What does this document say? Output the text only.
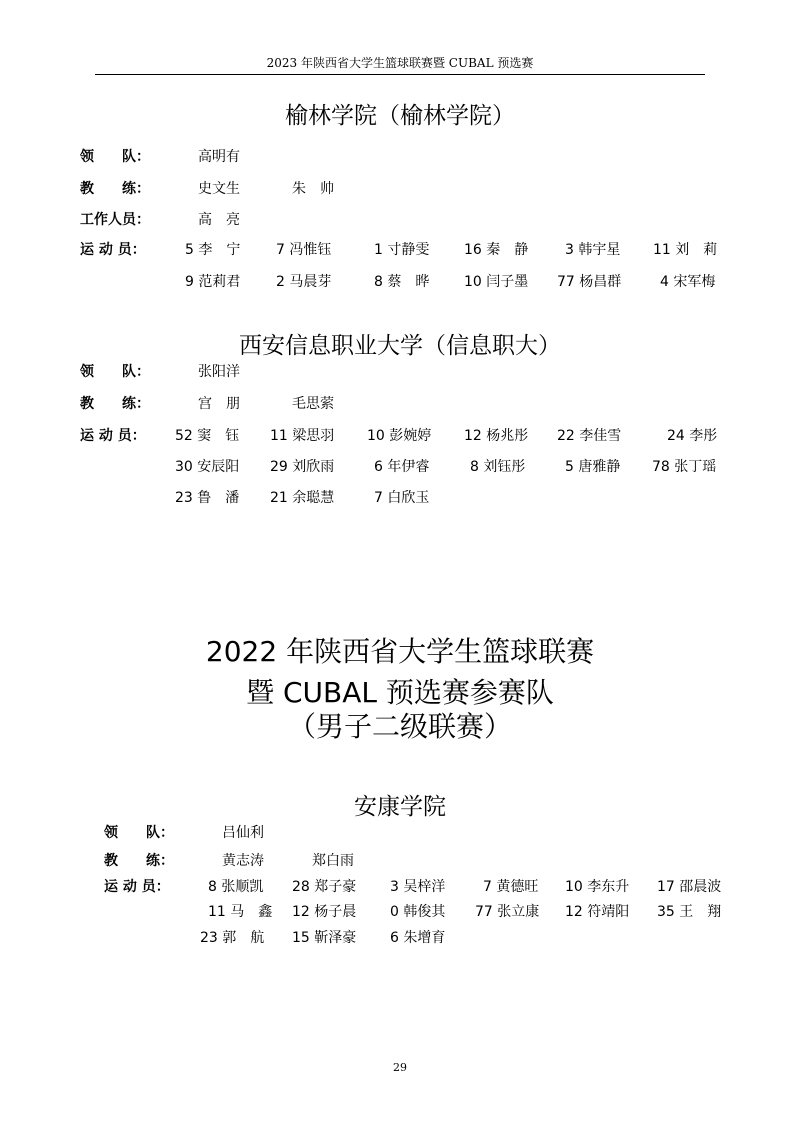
2023 年陕西省大学生篮球联赛暨 CUBAL 预选赛
榆林学院（榆林学院）
领　　队：	高明有
教　　练：	史文生	朱　帅
工作人员：	高　亮
运 动 员：	5 李　宁	7 冯惟钰	1 寸静雯 16 秦　静	3 韩宇星 11 刘　莉
9 范莉君	2 马晨芽	8 蔡　晔 10 闫子墨 77 杨昌群	4 宋军梅
西安信息职业大学（信息职大）
领　　队：	张阳洋
教　　练：	宫　朋	毛思萦
运 动 员： 52 窦　钰 11 梁思羽 10 彭婉婷 12 杨兆彤 22 李佳雪	24 李彤
30 安辰阳 29 刘欣雨	6 年伊睿	8 刘钰彤	5 唐雅静 78 张丁瑶
23 鲁　潘 21 余聪慧	7 白欣玉
2022 年陕西省大学生篮球联赛
暨 CUBAL 预选赛参赛队
（男子二级联赛）
安康学院
领　　队：	吕仙利
教　　练：	黄志涛	郑白雨
运 动 员：	8 张顺凯 28 郑子豪 3 吴梓洋	7 黄德旺 10 李东升 17 邵晨波
11 马　鑫 12 杨子晨 0 韩俊其 77 张立康 12 符靖阳 35 王　翔
23 郭　航 15 靳泽豪 6 朱增育
29
